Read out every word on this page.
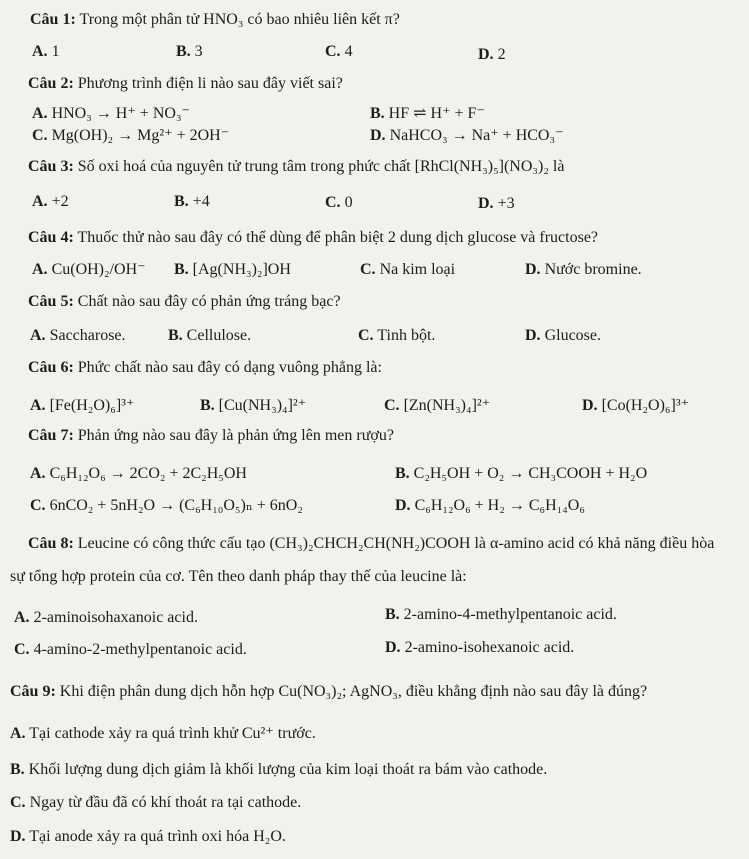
Câu 1: Trong một phân tử HNO₃ có bao nhiêu liên kết π?
A. 1	B. 3	C. 4	D. 2
Câu 2: Phương trình điện li nào sau đây viết sai?
A. HNO₃ → H⁺ + NO₃⁻	B. HF ⇌ H⁺ + F⁻
C. Mg(OH)₂ → Mg²⁺ + 2OH⁻	D. NaHCO₃ → Na⁺ + HCO₃⁻
Câu 3: Số oxi hoá của nguyên tử trung tâm trong phức chất [RhCl(NH₃)₅](NO₃)₂ là
A. +2	B. +4	C. 0	D. +3
Câu 4: Thuốc thử nào sau đây có thể dùng để phân biệt 2 dung dịch glucose và fructose?
A. Cu(OH)₂/OH⁻ B. [Ag(NH₃)₂]OH	C. Na kim loại	D. Nước bromine.
Câu 5: Chất nào sau đây có phản ứng tráng bạc?
A. Saccharose.	B. Cellulose.	C. Tinh bột.	D. Glucose.
Câu 6: Phức chất nào sau đây có dạng vuông phẳng là:
A. [Fe(H₂O)₆]³⁺	B. [Cu(NH₃)₄]²⁺	C. [Zn(NH₃)₄]²⁺	D. [Co(H₂O)₆]³⁺
Câu 7: Phản ứng nào sau đây là phản ứng lên men rượu?
A. C₆H₁₂O₆ → 2CO₂ + 2C₂H₅OH	B. C₂H₅OH + O₂ → CH₃COOH + H₂O
C. 6nCO₂ + 5nH₂O → (C₆H₁₀O₅)ₙ + 6nO₂	D. C₆H₁₂O₆ + H₂ → C₆H₁₄O₆
Câu 8: Leucine có công thức cấu tạo (CH₃)₂CHCH₂CH(NH₂)COOH là α-amino acid có khả năng điều hòa
sự tổng hợp protein của cơ. Tên theo danh pháp thay thế của leucine là:
A. 2-aminoisohaxanoic acid.	B. 2-amino-4-methylpentanoic acid.
C. 4-amino-2-methylpentanoic acid.	D. 2-amino-isohexanoic acid.
Câu 9: Khi điện phân dung dịch hỗn hợp Cu(NO₃)₂; AgNO₃, điều khẳng định nào sau đây là đúng?
A. Tại cathode xảy ra quá trình khử Cu²⁺ trước.
B. Khối lượng dung dịch giảm là khối lượng của kim loại thoát ra bám vào cathode.
C. Ngay từ đầu đã có khí thoát ra tại cathode.
D. Tại anode xảy ra quá trình oxi hóa H₂O.
